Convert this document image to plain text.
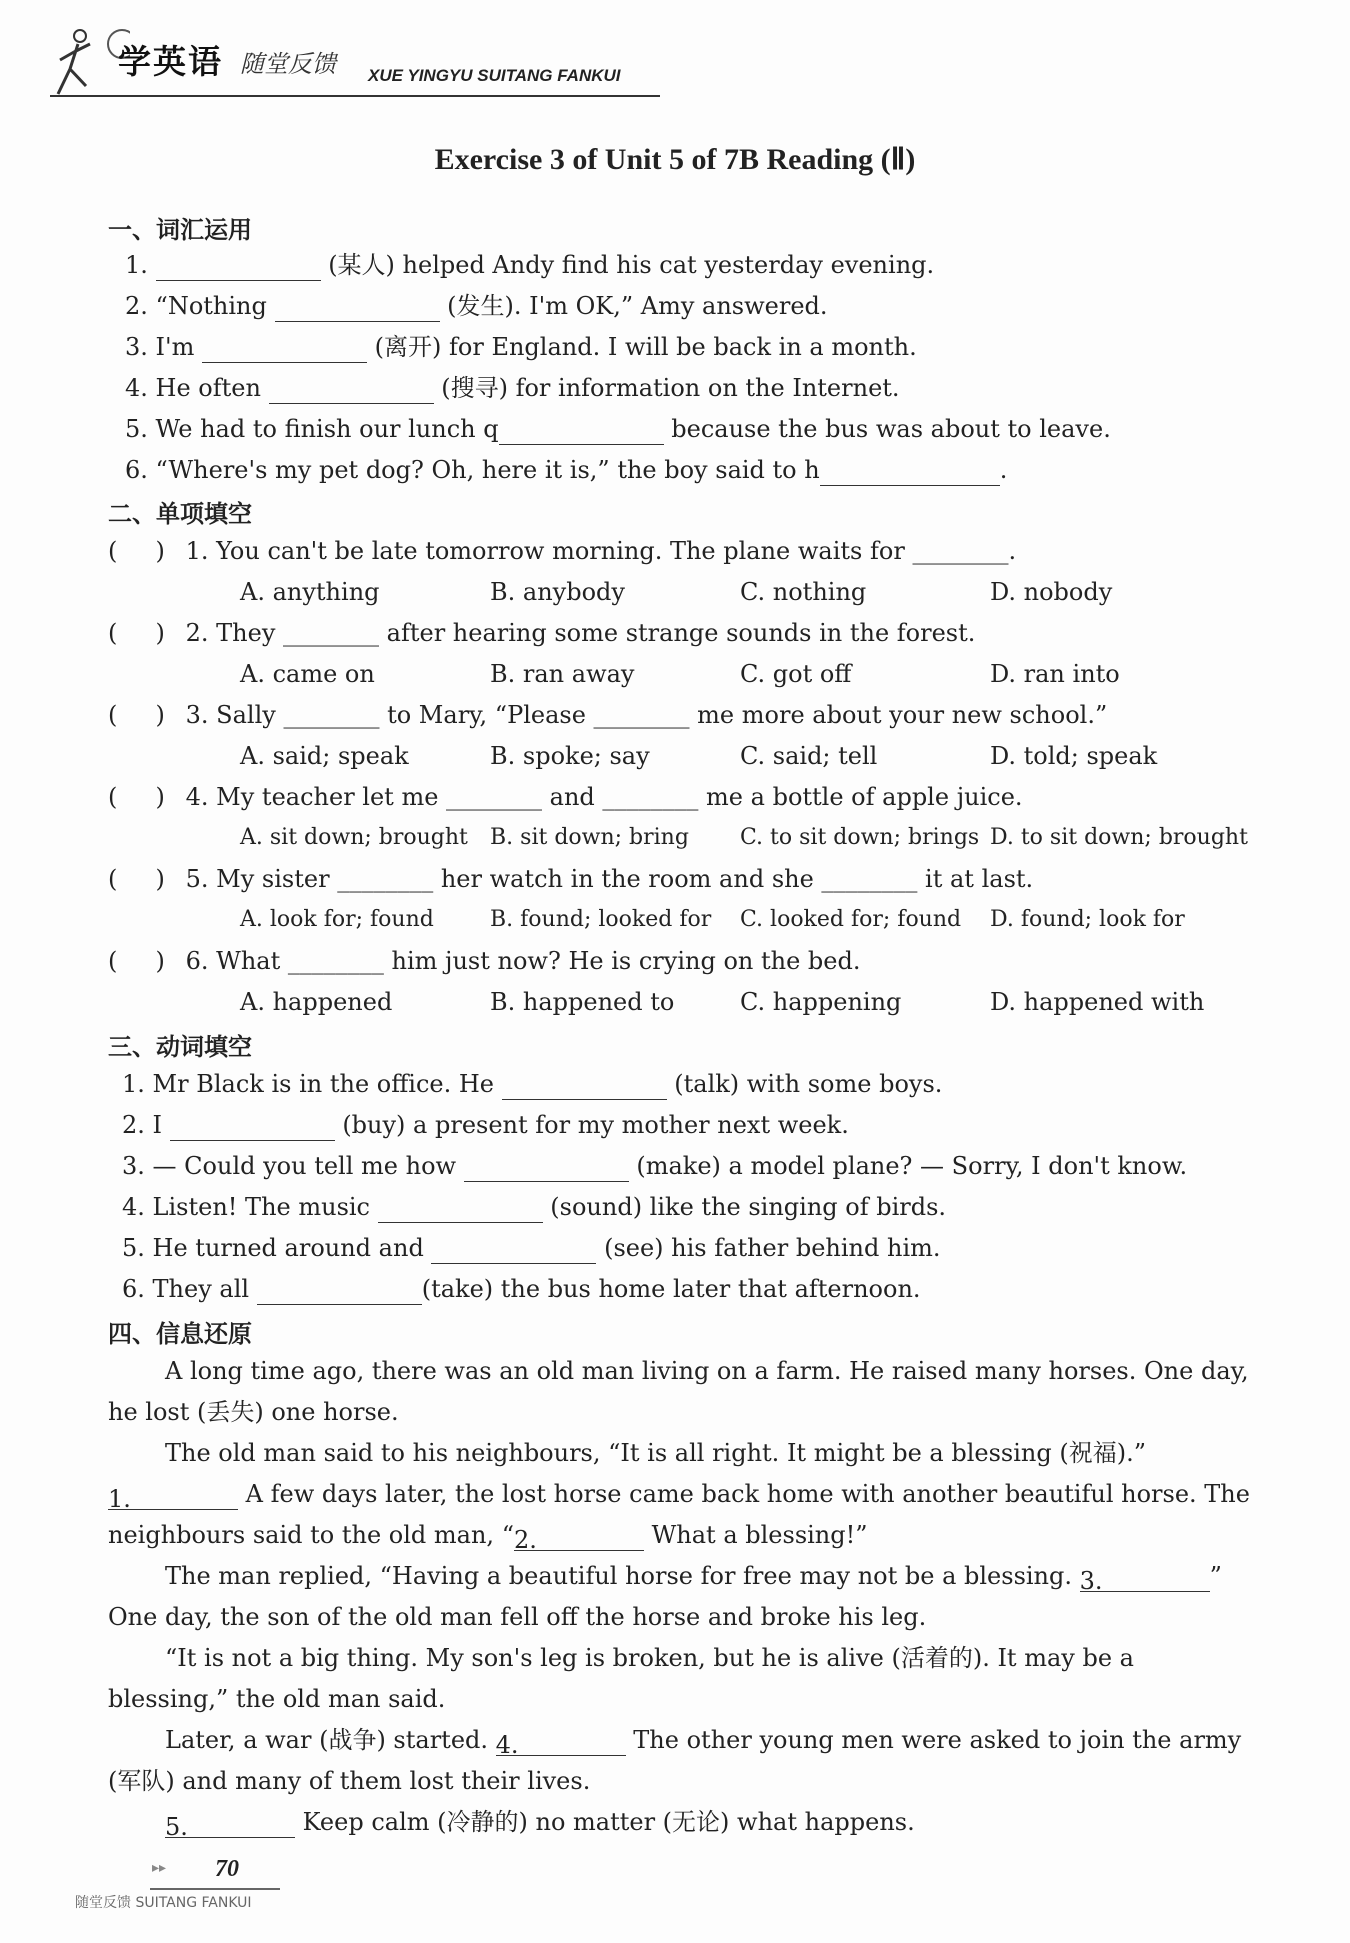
学英语 随堂反馈 XUE YINGYU SUITANG FANKUI
Exercise 3 of Unit 5 of 7B Reading (Ⅱ)
一、词汇运用
1.	(某人) helped Andy find his cat yesterday evening.
2. “Nothing	(发生). I'm OK,” Amy answered.
3. I'm	(离开) for England. I will be back in a month.
4. He often	(搜寻) for information on the Internet.
5. We had to finish our lunch q	because the bus was about to leave.
6. “Where's my pet dog? Oh, here it is,” the boy said to h	.
二、单项填空
(     ) 1. You can't be late tomorrow morning. The plane waits for ________.
A. anything	B. anybody	C. nothing	D. nobody
(     ) 2. They ________ after hearing some strange sounds in the forest.
A. came on	B. ran away	C. got off	D. ran into
(     ) 3. Sally ________ to Mary, “Please ________ me more about your new school.”
A. said; speak	B. spoke; say	C. said; tell	D. told; speak
(     ) 4. My teacher let me ________ and ________ me a bottle of apple juice.
A. sit down; brought B. sit down; bring C. to sit down; brings D. to sit down; brought
(     ) 5. My sister ________ her watch in the room and she ________ it at last.
A. look for; found	B. found; looked for C. looked for; found D. found; look for
(     ) 6. What ________ him just now? He is crying on the bed.
A. happened	B. happened to	C. happening	D. happened with
三、动词填空
1. Mr Black is in the office. He	(talk) with some boys.
2. I	(buy) a present for my mother next week.
3. — Could you tell me how	(make) a model plane? — Sorry, I don't know.
4. Listen! The music	(sound) like the singing of birds.
5. He turned around and	(see) his father behind him.
6. They all	(take) the bus home later that afternoon.
四、信息还原
A long time ago, there was an old man living on a farm. He raised many horses. One day,
he lost (丢失) one horse.
The old man said to his neighbours, “It is all right. It might be a blessing (祝福).”
1.	A few days later, the lost horse came back home with another beautiful horse. The
neighbours said to the old man, “2.	What a blessing!”
The man replied, “Having a beautiful horse for free may not be a blessing. 3.	”
One day, the son of the old man fell off the horse and broke his leg.
“It is not a big thing. My son's leg is broken, but he is alive (活着的). It may be a
blessing,” the old man said.
Later, a war (战争) started. 4.	The other young men were asked to join the army
(军队) and many of them lost their lives.
5.	Keep calm (冷静的) no matter (无论) what happens.
▸▸ 70
随堂反馈 SUITANG FANKUI
